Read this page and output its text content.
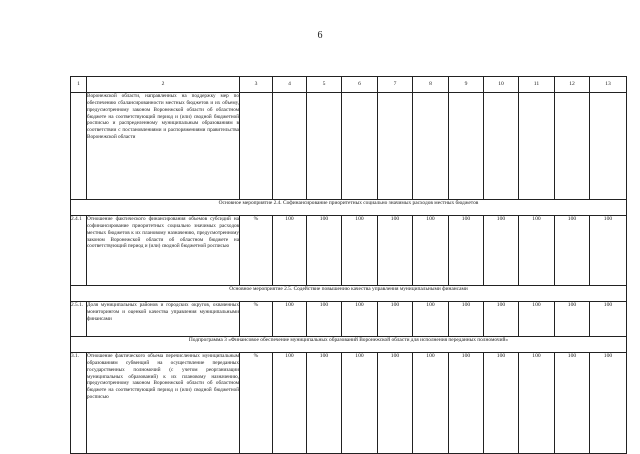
6
1	2	3	4	5	6	7	8	9	10	11	12	13
	Воронежской области, направленных на поддержку мер по обеспечению сбалансированности местных бюджетов и их объему, предусмотренному законом Воронежской области об областном бюджете на соответствующий период и (или) сводной бюджетной росписью и распределенному муниципальным образованиям в соответствии с постановлениями и распоряжениями правительства Воронежской области											
Основное мероприятие 2.4. Софинансирование приоритетных социально значимых расходов местных бюджетов												
2.4.1	Отношение фактического финансирования объемов субсидий на софинансирование приоритетных социально значимых расходов местных бюджетов к их плановому назначению, предусмотренному законом Воронежской области об областном бюджете на соответствующий период и (или) сводной бюджетной росписью	%	100	100	100	100	100	100	100	100	100	100
Основное мероприятие 2.5. Содействие повышению качества управления муниципальными финансами												
2.5.1.	Доля муниципальных районов и городских округов, охваченных мониторингом и оценкой качества управления муниципальными финансами	%	100	100	100	100	100	100	100	100	100	100
Подпрограмма 3 «Финансовое обеспечение муниципальных образований Воронежской области для исполнения переданных полномочий»												
3.1.	Отношение фактического объема перечисленных муниципальным образованиям субвенций на осуществление переданных государственных полномочий (с учетом реорганизации муниципальных образований) к их плановому назначению, предусмотренному законом Воронежской области об областном бюджете на соответствующий период и (или) сводной бюджетной росписью	%	100	100	100	100	100	100	100	100	100	100
